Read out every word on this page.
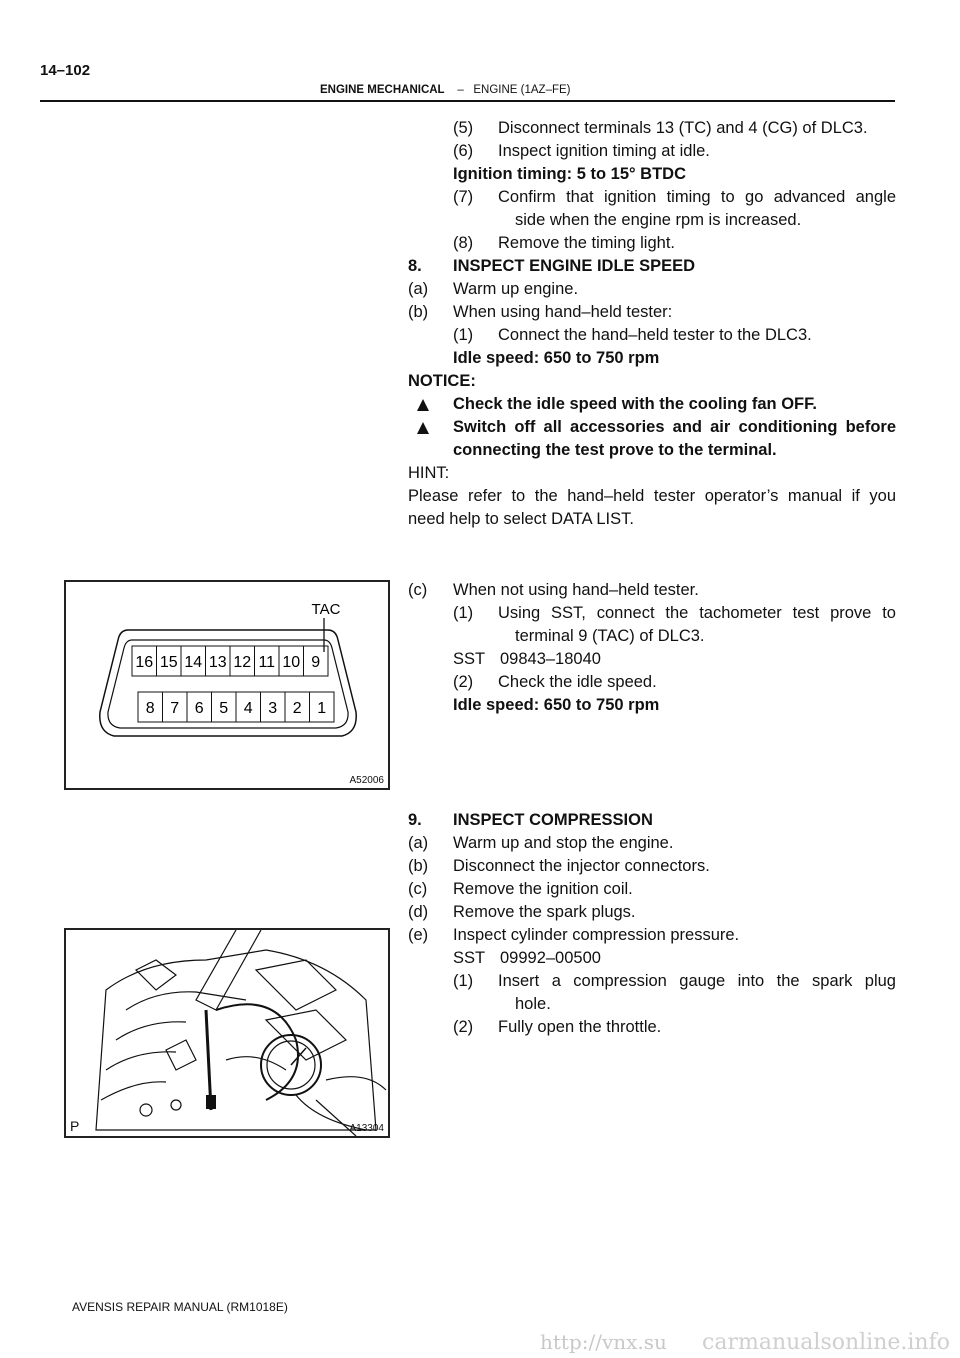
14–102
ENGINE MECHANICAL – ENGINE (1AZ–FE)
(5) Disconnect terminals 13 (TC) and 4 (CG) of DLC3.
(6) Inspect ignition timing at idle.
Ignition timing: 5 to 15° BTDC
(7) Confirm that ignition timing to go advanced angle
side when the engine rpm is increased.
(8) Remove the timing light.
8. INSPECT ENGINE IDLE SPEED
(a) Warm up engine.
(b) When using hand–held tester:
(1) Connect the hand–held tester to the DLC3.
Idle speed: 650 to 750 rpm
NOTICE:
Check the idle speed with the cooling fan OFF.
Switch off all accessories and air conditioning before
connecting the test prove to the terminal.
HINT:
Please refer to the hand–held tester operator’s manual if you
need help to select DATA LIST.
(c) When not using hand–held tester.
(1) Using SST, connect the tachometer test prove to
terminal 9 (TAC) of DLC3.
SST 09843–18040
(2) Check the idle speed.
Idle speed: 650 to 750 rpm
9. INSPECT COMPRESSION
(a) Warm up and stop the engine.
(b) Disconnect the injector connectors.
(c) Remove the ignition coil.
(d) Remove the spark plugs.
(e) Inspect cylinder compression pressure.
SST 09992–00500
(1) Insert a compression gauge into the spark plug
hole.
(2) Fully open the throttle.
16 15 14 13 12 11 10 9
8 7 6 5 4 3 2 1
TAC
A52006
P	A13304
AVENSIS REPAIR MANUAL (RM1018E)
http://vnx.su carmanualsonline.info
